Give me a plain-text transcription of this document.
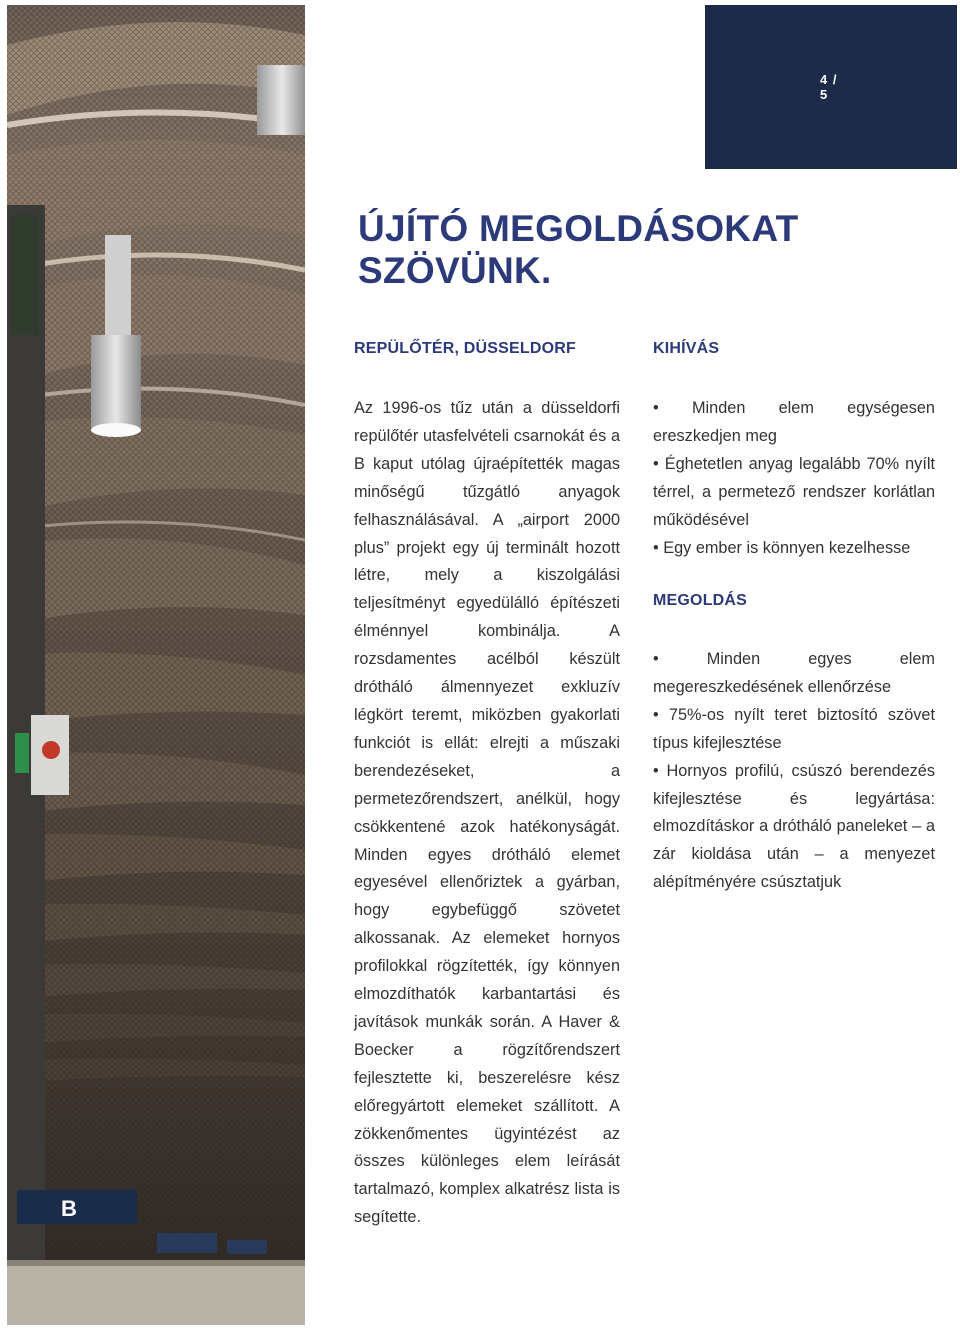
B
4 / 5
ÚJÍTÓ MEGOLDÁSOKAT
SZÖVÜNK.
REPÜLŐTÉR, DÜSSELDORF

Az 1996-os tűz után a düsseldorfi repülőtér utasfelvételi csarnokát és a B kaput utólag újraépítették magas minőségű tűzgátló anyagok felhasználásával. A „airport 2000 plus” projekt egy új terminált hozott létre, mely a kiszolgálási teljesítményt egyedülálló építészeti élménnyel kombinálja. A rozsdamentes acélból készült drótháló álmennyezet exkluzív légkört teremt, miközben gyakorlati funkciót is ellát: elrejti a műszaki berendezéseket, a permetezőrendszert, anélkül, hogy csökkentené azok hatékonyságát. Minden egyes drótháló elemet egyesével ellenőriztek a gyárban, hogy egybefüggő szövetet alkossanak. Az elemeket hornyos profilokkal rögzítették, így könnyen elmozdíthatók karbantartási és javítások munkák során. A Haver & Boecker a rögzítőrendszert fejlesztette ki, beszerelésre kész előregyártott elemeket szállított. A zökkenőmentes ügyintézést az összes különleges elem leírását tartalmazó, komplex alkatrész lista is segítette.

KIHÍVÁS
• Minden elem egységesen ereszkedjen meg
• Éghetetlen anyag legalább 70% nyílt térrel, a permetező rendszer korlátlan működésével
• Egy ember is könnyen kezelhesse
MEGOLDÁS
• Minden egyes elem megereszkedésének ellenőrzése
• 75%-os nyílt teret biztosító szövet típus kifejlesztése
• Hornyos profilú, csúszó berendezés kifejlesztése és legyártása: elmozdításkor a drótháló paneleket – a zár kioldása után – a menyezet alépítményére csúsztatjuk
